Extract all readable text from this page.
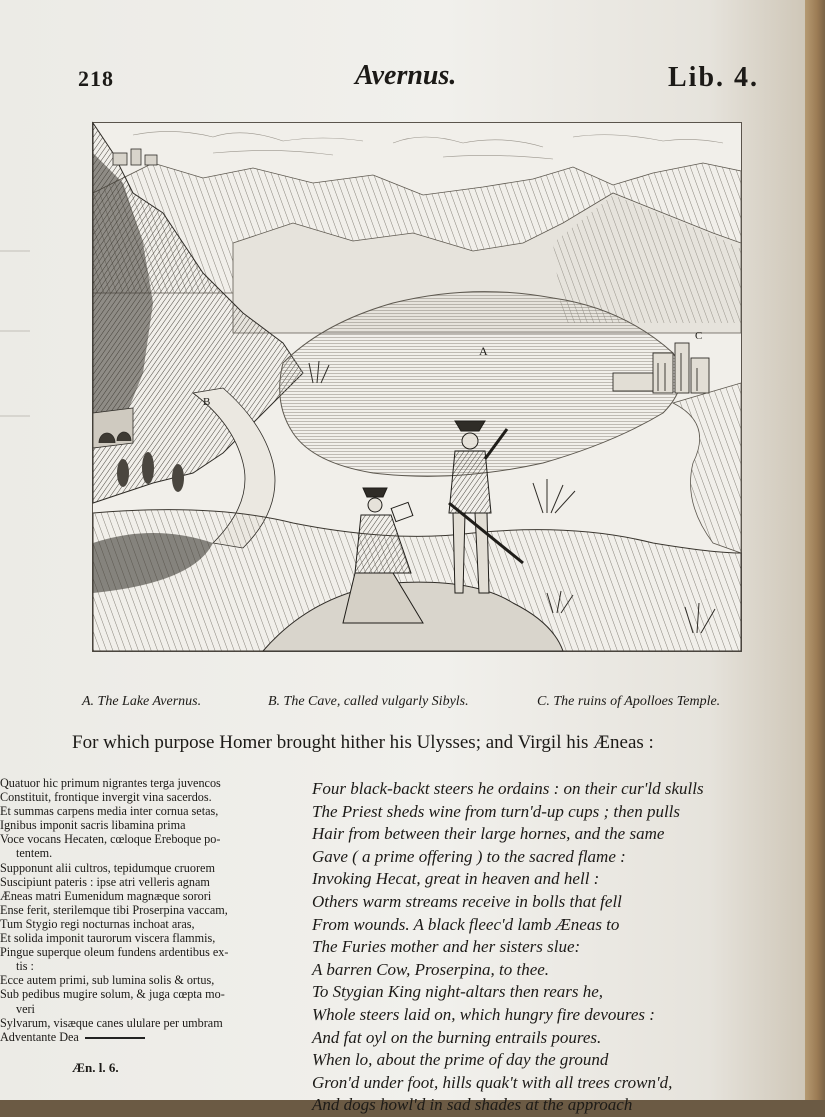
218	Avernus.	Lib. 4.
A
B
C
A. The Lake Avernus.	B. The Cave, called vulgarly Sibyls.	C. The ruins of Apolloes Temple.
For which purpose Homer brought hither his Ulysses; and Virgil his Æneas :
Quatuor hic primum nigrantes terga juvencos
Constituit, frontique invergit vina sacerdos.
Et summas carpens media inter cornua setas,
Ignibus imponit sacris libamina prima
Voce vocans Hecaten, cœloque Ereboque po-
tentem.
Supponunt alii cultros, tepidumque cruorem
Suscipiunt pateris : ipse atri velleris agnam
Æneas matri Eumenidum magnæque sorori
Ense ferit, sterilemque tibi Proserpina vaccam,
Tum Stygio regi nocturnas inchoat aras,
Et solida imponit taurorum viscera flammis,
Pingue superque oleum fundens ardentibus ex-
tis :
Ecce autem primi, sub lumina solis & ortus,
Sub pedibus mugire solum, & juga cœpta mo-
veri
Sylvarum, visæque canes ululare per umbram
Adventante Dea
Æn. l. 6.
Four black-backt steers he ordains : on their cur'ld skulls
The Priest sheds wine from turn'd-up cups ; then pulls
Hair from between their large hornes, and the same
Gave ( a prime offering ) to the sacred flame :
Invoking Hecat, great in heaven and hell :
Others warm streams receive in bolls that fell
From wounds. A black fleec'd lamb Æneas to
The Furies mother and her sisters slue:
A barren Cow, Proserpina, to thee.
To Stygian King night-altars then rears he,
Whole steers laid on, which hungry fire devoures :
And fat oyl on the burning entrails poures.
When lo, about the prime of day the ground
Gron'd under foot, hills quak't with all trees crown'd,
And dogs howl'd in sad shades at the approach
